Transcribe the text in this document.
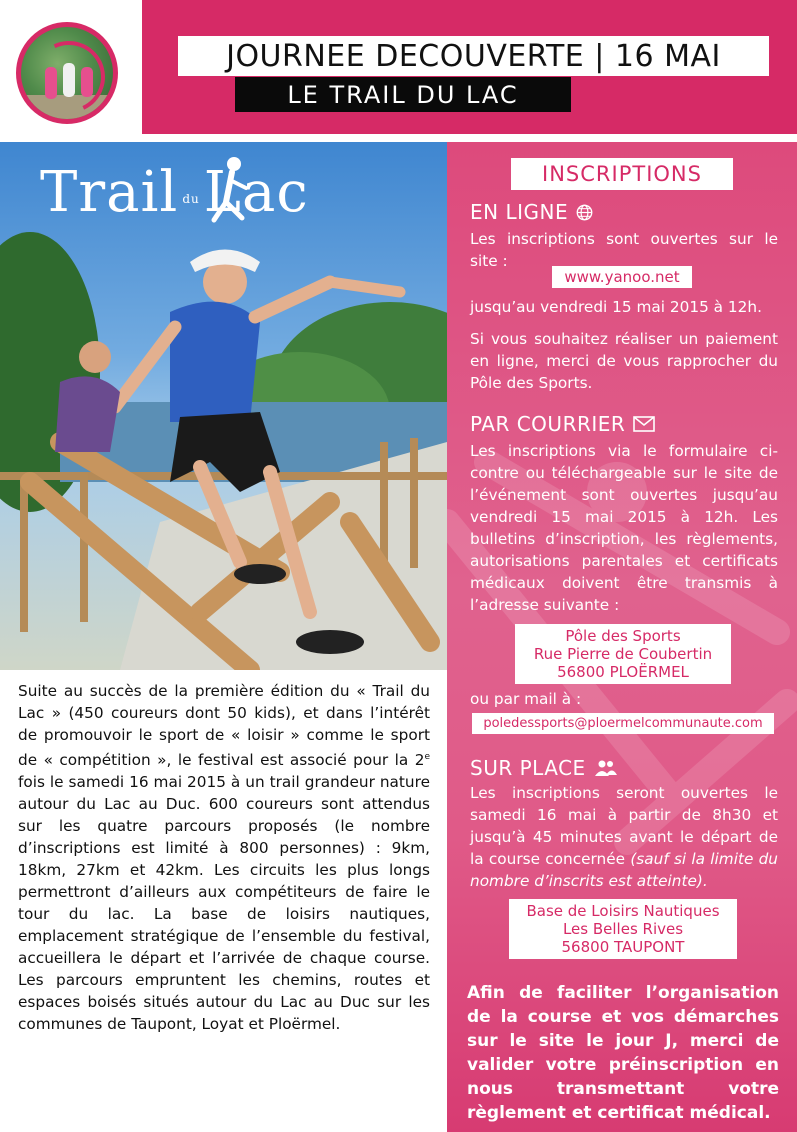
JOURNEE DECOUVERTE | 16 MAI
LE TRAIL DU LAC
Trail duLac
Suite au succès de la première édition du « Trail du Lac » (450 coureurs dont 50 kids), et dans l’intérêt de promouvoir le sport de « loisir » comme le sport de « compétition », le festival est associé pour la 2e fois le samedi 16 mai 2015 à un trail grandeur nature autour du Lac au Duc. 600 coureurs sont attendus sur les quatre parcours proposés (le nombre d’inscriptions est limité à 800 personnes) : 9km, 18km, 27km et 42km. Les circuits les plus longs permettront d’ailleurs aux compétiteurs de faire le tour du lac. La base de loisirs nautiques, emplacement stratégique de l’ensemble du festival, accueillera le départ et l’arrivée de chaque course. Les parcours empruntent les chemins, routes et espaces boisés situés autour du Lac au Duc sur les communes de Taupont, Loyat et Ploërmel.
INSCRIPTIONS
EN LIGNE
Les inscriptions sont ouvertes sur le site :
www.yanoo.net
jusqu’au vendredi 15 mai 2015 à 12h.
Si vous souhaitez réaliser un paiement en ligne, merci de vous rapprocher du Pôle des Sports.
PAR COURRIER
Les inscriptions via le formulaire ci-contre ou téléchargeable sur le site de l’événement sont ouvertes jusqu’au vendredi 15 mai 2015 à 12h. Les bulletins d’inscription, les règlements, autorisations parentales et certificats médicaux doivent être transmis à l’adresse suivante :
Pôle des Sports
Rue Pierre de Coubertin
56800 PLOËRMEL
ou par mail à :
poledessports@ploermelcommunaute.com
SUR PLACE
Les inscriptions seront ouvertes le samedi 16 mai à partir de 8h30 et jusqu’à 45 minutes avant le départ de la course concernée (sauf si la limite du nombre d’inscrits est atteinte).
Base de Loisirs Nautiques
Les Belles Rives
56800 TAUPONT
Afin de faciliter l’organisation de la course et vos démarches sur le site le jour J, merci de valider votre préinscription en nous transmettant votre règlement et certificat médical.
